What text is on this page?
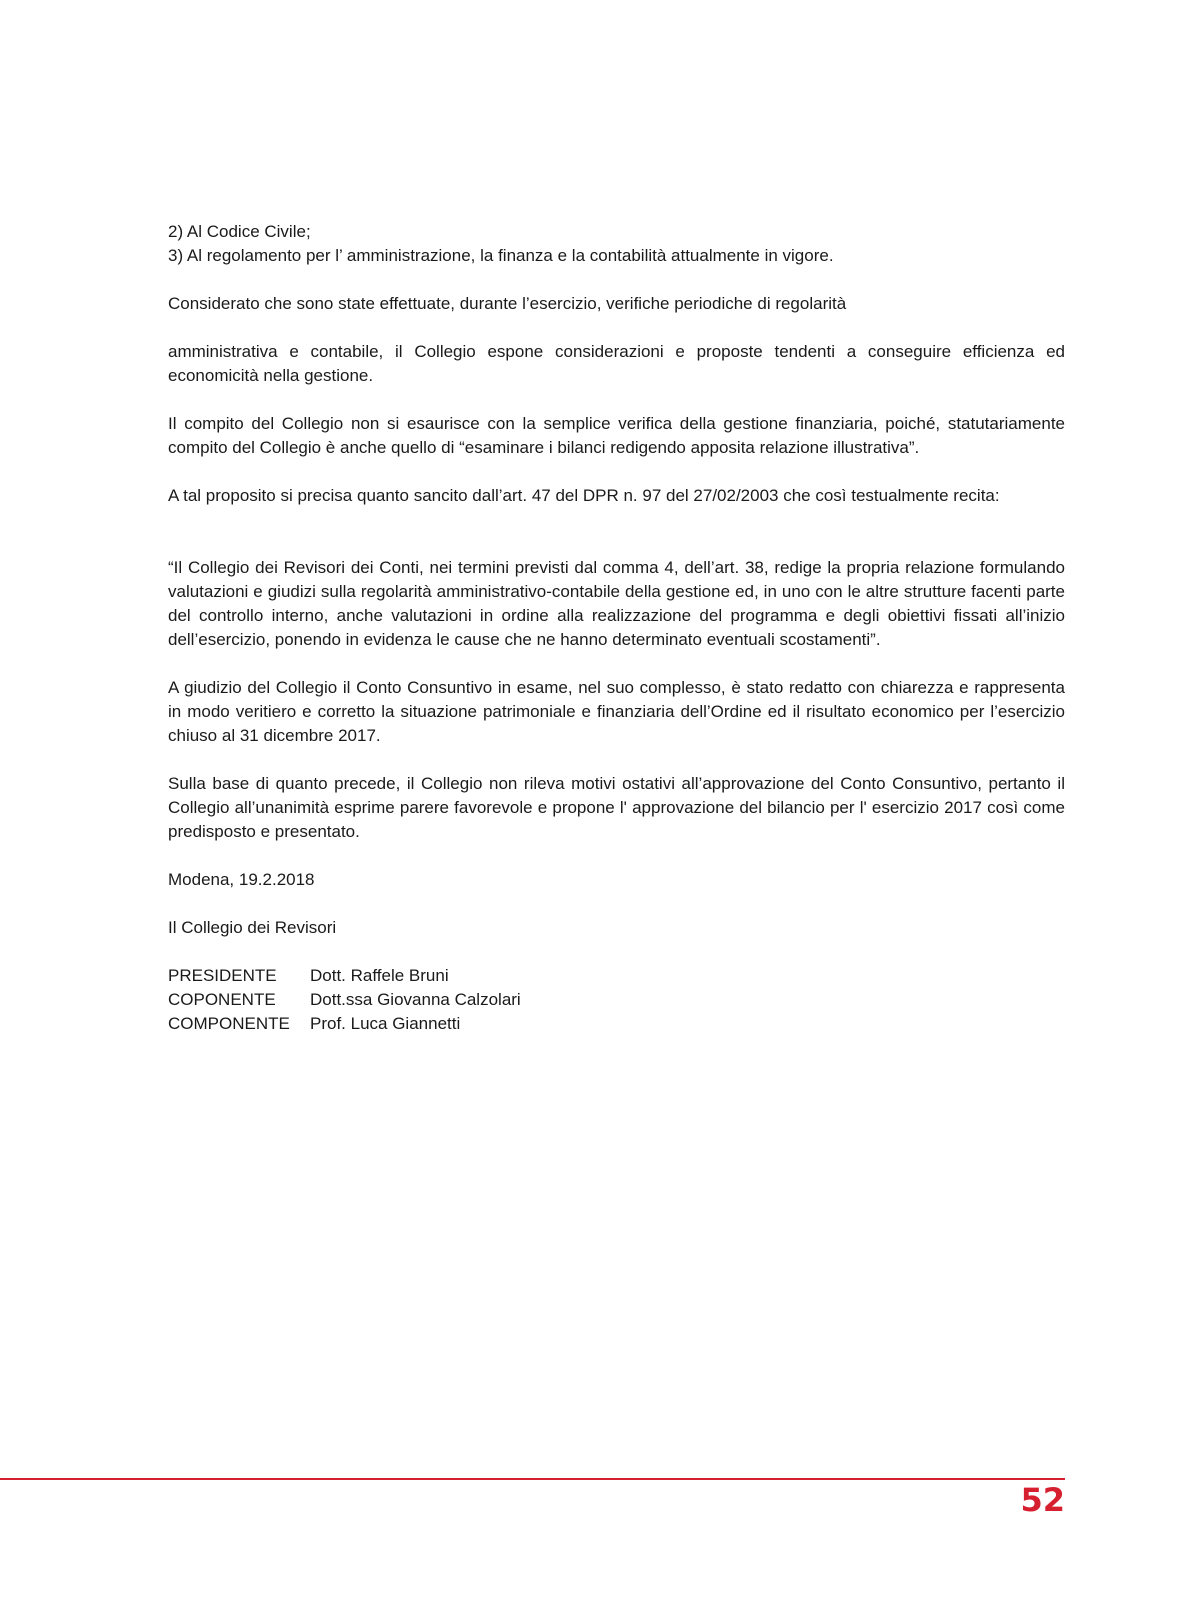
2) Al Codice Civile;

3) Al regolamento per l’ amministrazione, la finanza e la contabilità attualmente in vigore.

Considerato che sono state effettuate, durante l’esercizio, verifiche periodiche di regolarità

amministrativa e contabile, il Collegio espone considerazioni e proposte tendenti a conseguire efficienza ed economicità nella gestione.

Il compito del Collegio non si esaurisce con la semplice verifica della gestione finanziaria, poiché, statutariamente compito del Collegio è anche quello di “esaminare i bilanci redigendo apposita relazione illustrativa”.

A tal proposito si precisa quanto sancito dall’art. 47 del DPR n. 97 del 27/02/2003 che così testualmente recita:

“Il Collegio dei Revisori dei Conti, nei termini previsti dal comma 4, dell’art. 38, redige la propria relazione formulando valutazioni e giudizi sulla regolarità amministrativo-contabile della gestione ed, in uno con le altre strutture facenti parte del controllo interno, anche valutazioni in ordine alla realizzazione del programma e degli obiettivi fissati all’inizio dell’esercizio, ponendo in evidenza le cause che ne hanno determinato eventuali scostamenti”.

A giudizio del Collegio il Conto Consuntivo in esame, nel suo complesso, è stato redatto con chiarezza e rappresenta in modo veritiero e corretto la situazione patrimoniale e finanziaria dell’Ordine ed il risultato economico per l’esercizio chiuso al 31 dicembre 2017.

Sulla base di quanto precede, il Collegio non rileva motivi ostativi all’approvazione del Conto Consuntivo, pertanto il Collegio all’unanimità esprime parere favorevole e propone l' approvazione del bilancio per l' esercizio 2017 così come predisposto e presentato.

Modena, 19.2.2018

Il Collegio dei Revisori

PRESIDENTE	Dott. Raffele Bruni
COPONENTE	Dott.ssa Giovanna Calzolari
COMPONENTE	Prof. Luca Giannetti
52
